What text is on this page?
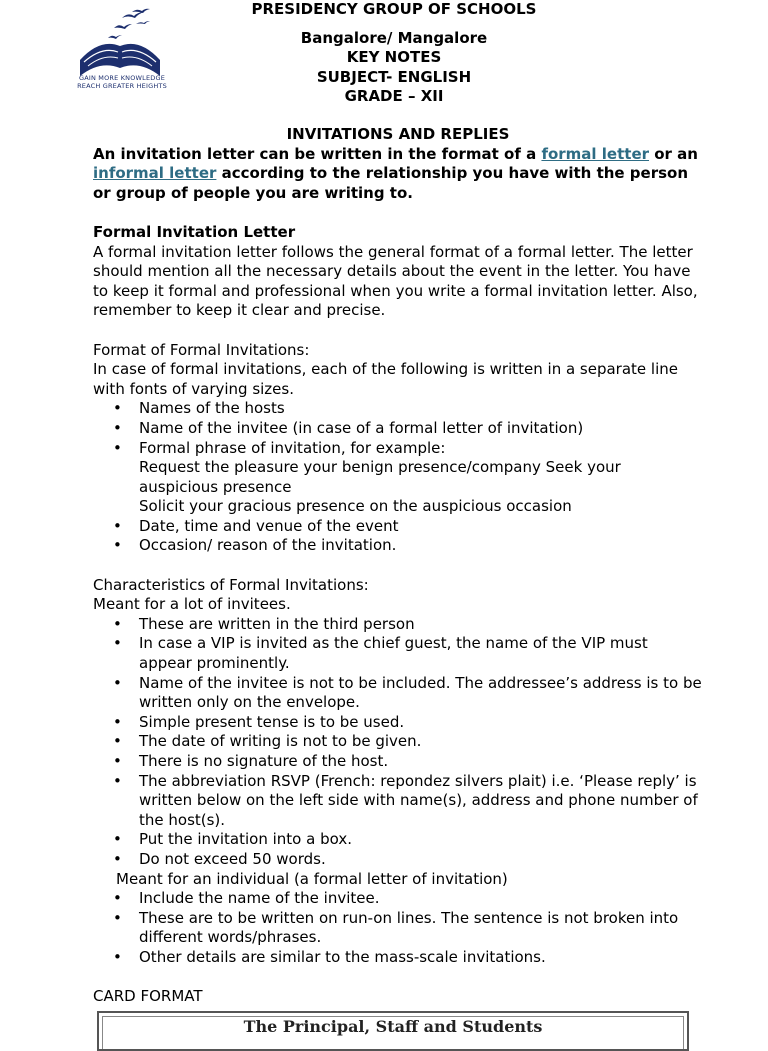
GAIN MORE KNOWLEDGE
REACH GREATER HEIGHTS
PRESIDENCY GROUP OF SCHOOLS
Bangalore/ Mangalore
KEY NOTES
SUBJECT- ENGLISH
GRADE – XII

INVITATIONS AND REPLIES

An invitation letter can be written in the format of a formal letter or an informal letter according to the relationship you have with the person or group of people you are writing to.

Formal Invitation Letter

A formal invitation letter follows the general format of a formal letter. The letter should mention all the necessary details about the event in the letter. You have to keep it formal and professional when you write a formal invitation letter. Also, remember to keep it clear and precise.

Format of Formal Invitations:

In case of formal invitations, each of the following is written in a separate line with fonts of varying sizes.

• Names of the hosts
• Name of the invitee (in case of a formal letter of invitation)
• Formal phrase of invitation, for example:

Request the pleasure your benign presence/company Seek your auspicious presence

Solicit your gracious presence on the auspicious occasion

• Date, time and venue of the event
• Occasion/ reason of the invitation.

Characteristics of Formal Invitations:

Meant for a lot of invitees.

• These are written in the third person
• In case a VIP is invited as the chief guest, the name of the VIP must appear prominently.
• Name of the invitee is not to be included. The addressee’s address is to be written only on the envelope.
• Simple present tense is to be used.
• The date of writing is not to be given.
• There is no signature of the host.
• The abbreviation RSVP (French: repondez silvers plait) i.e. ‘Please reply’ is written below on the left side with name(s), address and phone number of the host(s).
• Put the invitation into a box.
• Do not exceed 50 words.

Meant for an individual (a formal letter of invitation)

• Include the name of the invitee.
• These are to be written on run-on lines. The sentence is not broken into different words/phrases.
• Other details are similar to the mass-scale invitations.

CARD FORMAT

The Principal, Staff and Students
